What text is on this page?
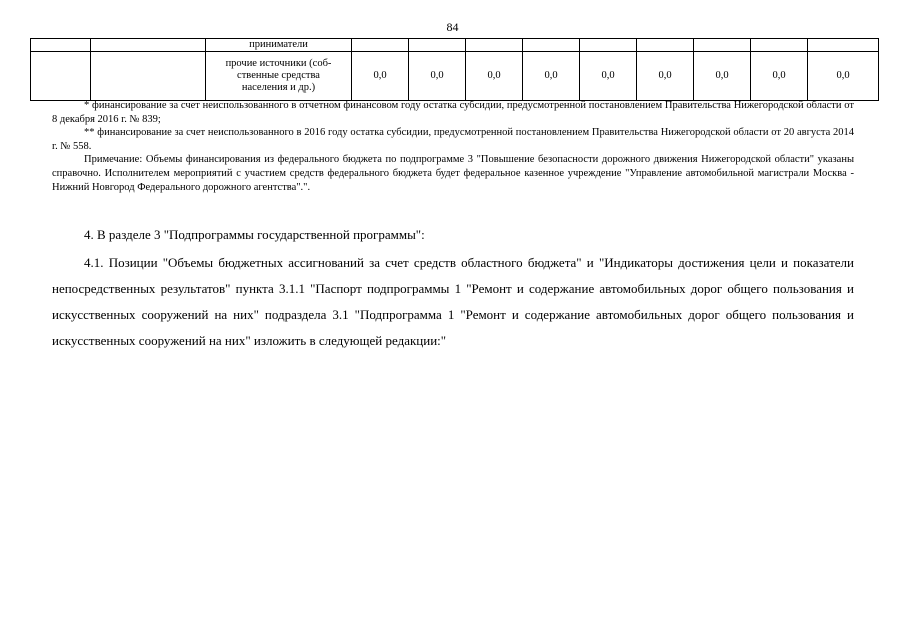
84
		приниматели									

		прочие источники (соб-
ственные средства
населения и др.)	0,0	0,0	0,0	0,0	0,0	0,0	0,0	0,0	0,0

* финансирование за счет неиспользованного в отчетном финансовом году остатка субсидии, предусмотренной постановлением Правительства Нижегородской области от 8 декабря 2016 г. № 839;

** финансирование за счет неиспользованного в 2016 году остатка субсидии, предусмотренной постановлением Правительства Нижегородской области от 20 августа 2014 г. № 558.

Примечание: Объемы финансирования из федерального бюджета по подпрограмме 3 "Повышение безопасности дорожного движения Нижегородской области" указаны справочно. Исполнителем мероприятий с участием средств федерального бюджета будет федеральное казенное учреждение "Управление автомобильной магистрали Москва - Нижний Новгород Федерального дорожного агентства".".

4. В разделе 3 "Подпрограммы государственной программы":

4.1. Позиции "Объемы бюджетных ассигнований за счет средств областного бюджета" и "Индикаторы достижения цели и показатели непосредственных результатов" пункта 3.1.1 "Паспорт подпрограммы 1 "Ремонт и содержание автомобильных дорог общего пользования и искусственных сооружений на них" подраздела 3.1 "Подпрограмма 1 "Ремонт и содержание автомобильных дорог общего пользования и искусственных сооружений на них" изложить в следующей редакции:"
